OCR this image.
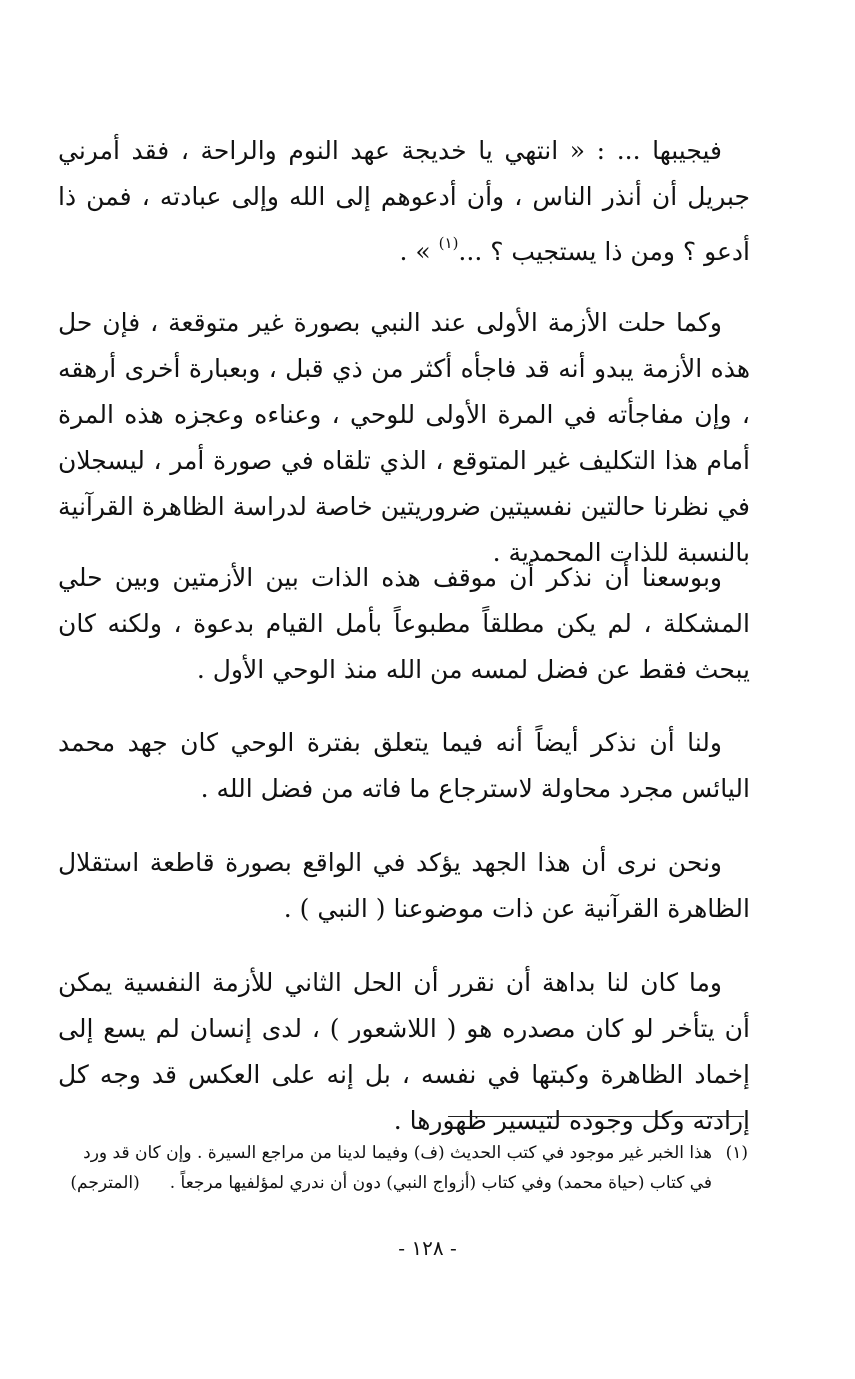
فيجيبها ... : « انتهي يا خديجة عهد النوم والراحة ، فقد أمرني جبريل أن أنذر الناس ، وأن أدعوهم إلى الله وإلى عبادته ، فمن ذا أدعو ؟ ومن ذا يستجيب ؟ ...$^{(١)}$ » .

وكما حلت الأزمة الأولى عند النبي بصورة غير متوقعة ، فإن حل هذه الأزمة يبدو أنه قد فاجأه أكثر من ذي قبل ، وبعبارة أخرى أرهقه ، وإن مفاجأته في المرة الأولى للوحي ، وعناءه وعجزه هذه المرة أمام هذا التكليف غير المتوقع ، الذي تلقاه في صورة أمر ، ليسجلان في نظرنا حالتين نفسيتين ضروريتين خاصة لدراسة الظاهرة القرآنية بالنسبة للذات المحمدية .

وبوسعنا أن نذكر أن موقف هذه الذات بين الأزمتين وبين حلي المشكلة ، لم يكن مطلقاً مطبوعاً بأمل القيام بدعوة ، ولكنه كان يبحث فقط عن فضل لمسه من الله منذ الوحي الأول .

ولنا أن نذكر أيضاً أنه فيما يتعلق بفترة الوحي كان جهد محمد اليائس مجرد محاولة لاسترجاع ما فاته من فضل الله .

ونحن نرى أن هذا الجهد يؤكد في الواقع بصورة قاطعة استقلال الظاهرة القرآنية عن ذات موضوعنا ( النبي ) .

وما كان لنا بداهة أن نقرر أن الحل الثاني للأزمة النفسية يمكن أن يتأخر لو كان مصدره هو ( اللاشعور ) ، لدى إنسان لم يسع إلى إخماد الظاهرة وكبتها في نفسه ، بل إنه على العكس قد وجه كل إرادته وكل وجوده لتيسير ظهورها .

(١)هذا الخبر غير موجود في كتب الحديث (ف) وفيما لدينا من مراجع السيرة . وإن كان قد ورد
في كتاب (حياة محمد) وفي كتاب (أزواج النبي) دون أن ندري لمؤلفيها مرجعاً .(المترجم)
- ١٢٨ -
